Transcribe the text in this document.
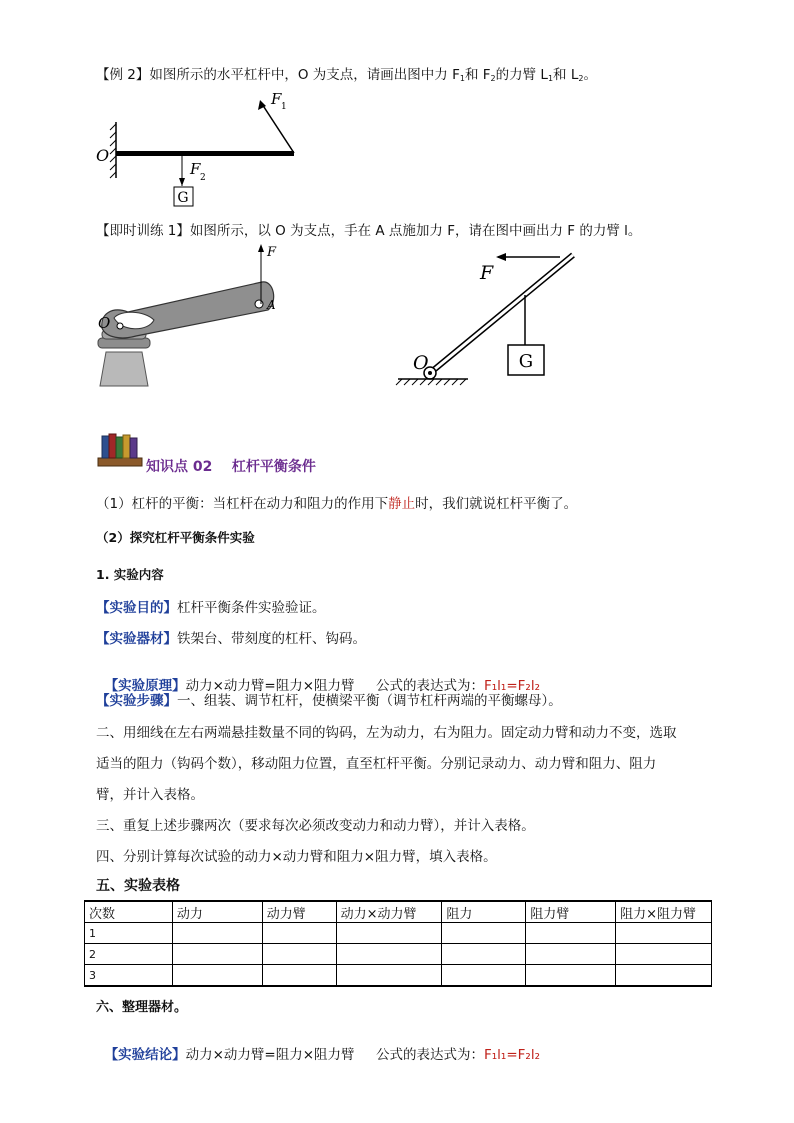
【例 2】如图所示的水平杠杆中，O 为支点，请画出图中力 $F_1$和 $F_2$的力臂 $L_1$和 $L_2$。
G
O
F 1
F 2
【即时训练 1】如图所示，以 O 为支点，手在 A 点施加力 F，请在图中画出力 F 的力臂 l。
F
A
O
G
F
O
知识点 02    杠杆平衡条件
（1）杠杆的平衡：当杠杆在动力和阻力的作用下静止时，我们就说杠杆平衡了。
（2）探究杠杆平衡条件实验
1. 实验内容
【实验目的】杠杆平衡条件实验验证。
【实验器材】铁架台、带刻度的杠杆、钩码。

【实验原理】动力×动力臂=阻力×阻力臂     公式的表达式为：F₁l₁=F₂l₂

【实验步骤】一、组装、调节杠杆，使横梁平衡（调节杠杆两端的平衡螺母）。
二、用细线在左右两端悬挂数量不同的钩码，左为动力，右为阻力。固定动力臂和动力不变，选取
适当的阻力（钩码个数），移动阻力位置，直至杠杆平衡。分别记录动力、动力臂和阻力、阻力
臂，并计入表格。
三、重复上述步骤两次（要求每次必须改变动力和动力臂），并计入表格。
四、分别计算每次试验的动力×动力臂和阻力×阻力臂，填入表格。
五、实验表格
次数	动力	动力臂	动力×动力臂	阻力	阻力臂	阻力×阻力臂
1						
2						
3						
六、整理器材。

【实验结论】动力×动力臂=阻力×阻力臂     公式的表达式为：F₁l₁=F₂l₂
